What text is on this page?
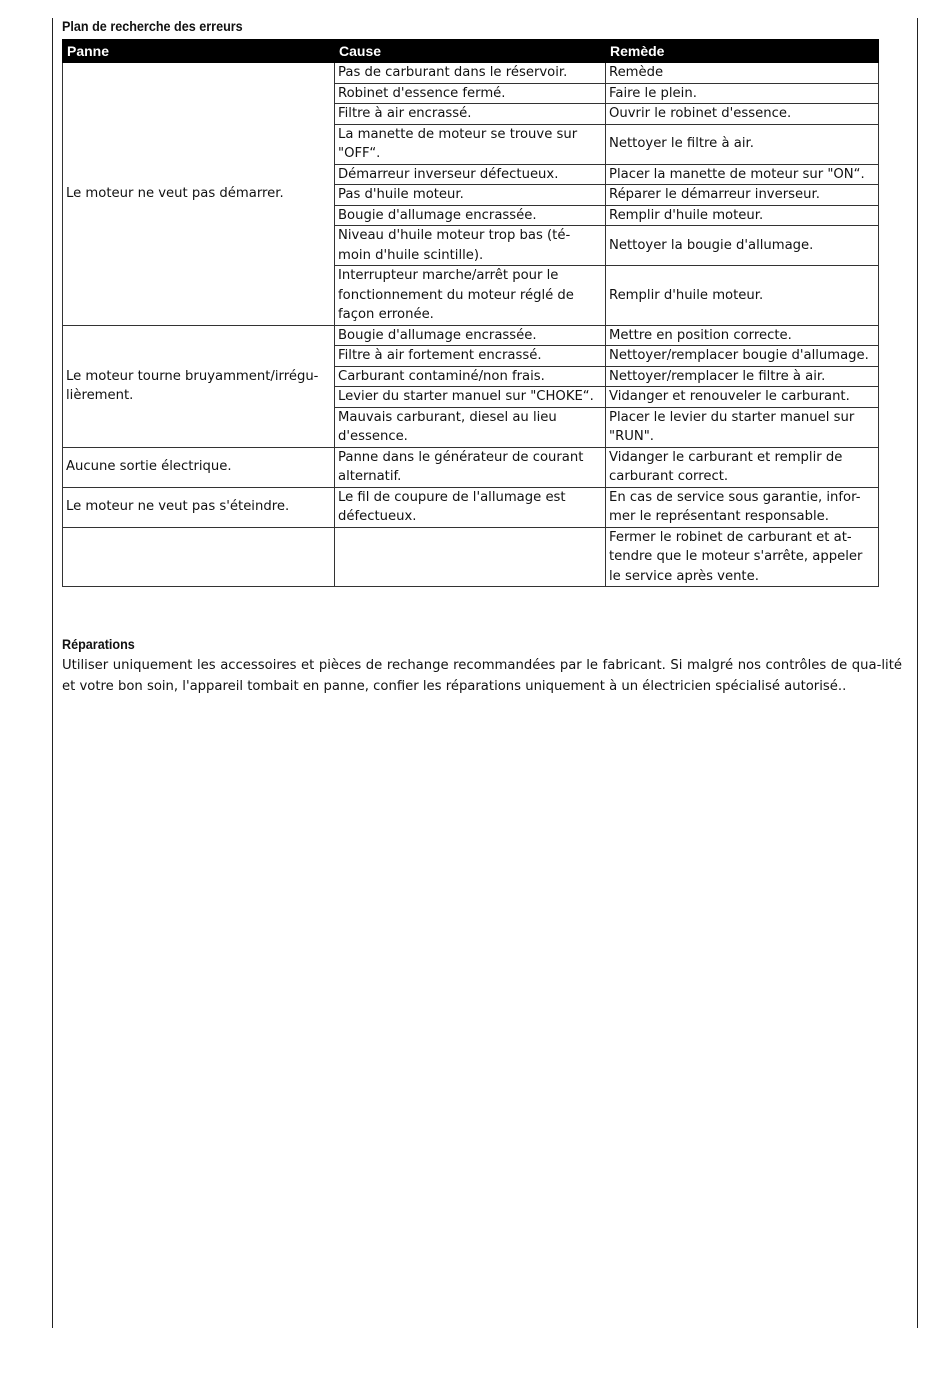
Plan de recherche des erreurs
Panne	Cause	Remède
Le moteur ne veut pas démarrer.	Pas de carburant dans le réservoir.	Remède
	Robinet d'essence fermé.	Faire le plein.
	Filtre à air encrassé.	Ouvrir le robinet d'essence.
	La manette de moteur se trouve sur "OFF“.	Nettoyer le filtre à air.
	Démarreur inverseur défectueux.	Placer la manette de moteur sur "ON“.
	Pas d'huile moteur.	Réparer le démarreur inverseur.
	Bougie d'allumage encrassée.	Remplir d'huile moteur.
	Niveau d'huile moteur trop bas (té-moin d'huile scintille).	Nettoyer la bougie d'allumage.
	Interrupteur marche/arrêt pour le fonctionnement du moteur réglé de façon erronée.	Remplir d'huile moteur.
Le moteur tourne bruyamment/irrégu-lièrement.	Bougie d'allumage encrassée.	Mettre en position correcte.
	Filtre à air fortement encrassé.	Nettoyer/remplacer bougie d'allumage.
	Carburant contaminé/non frais.	Nettoyer/remplacer le filtre à air.
	Levier du starter manuel sur "CHOKE“.	Vidanger et renouveler le carburant.
	Mauvais carburant, diesel au lieu d'essence.	Placer le levier du starter manuel sur "RUN".
Aucune sortie électrique.	Panne dans le générateur de courant alternatif.	Vidanger le carburant et remplir de carburant correct.
Le moteur ne veut pas s'éteindre.	Le fil de coupure de l'allumage est défectueux.	En cas de service sous garantie, infor-mer le représentant responsable.
		Fermer le robinet de carburant et at-tendre que le moteur s'arrête, appeler le service après vente.
Réparations
Utiliser uniquement les accessoires et pièces de rechange recommandées par le fabricant. Si malgré nos contrôles de qua-lité et votre bon soin, l'appareil tombait en panne, confier les réparations uniquement à un électricien spécialisé autorisé..
